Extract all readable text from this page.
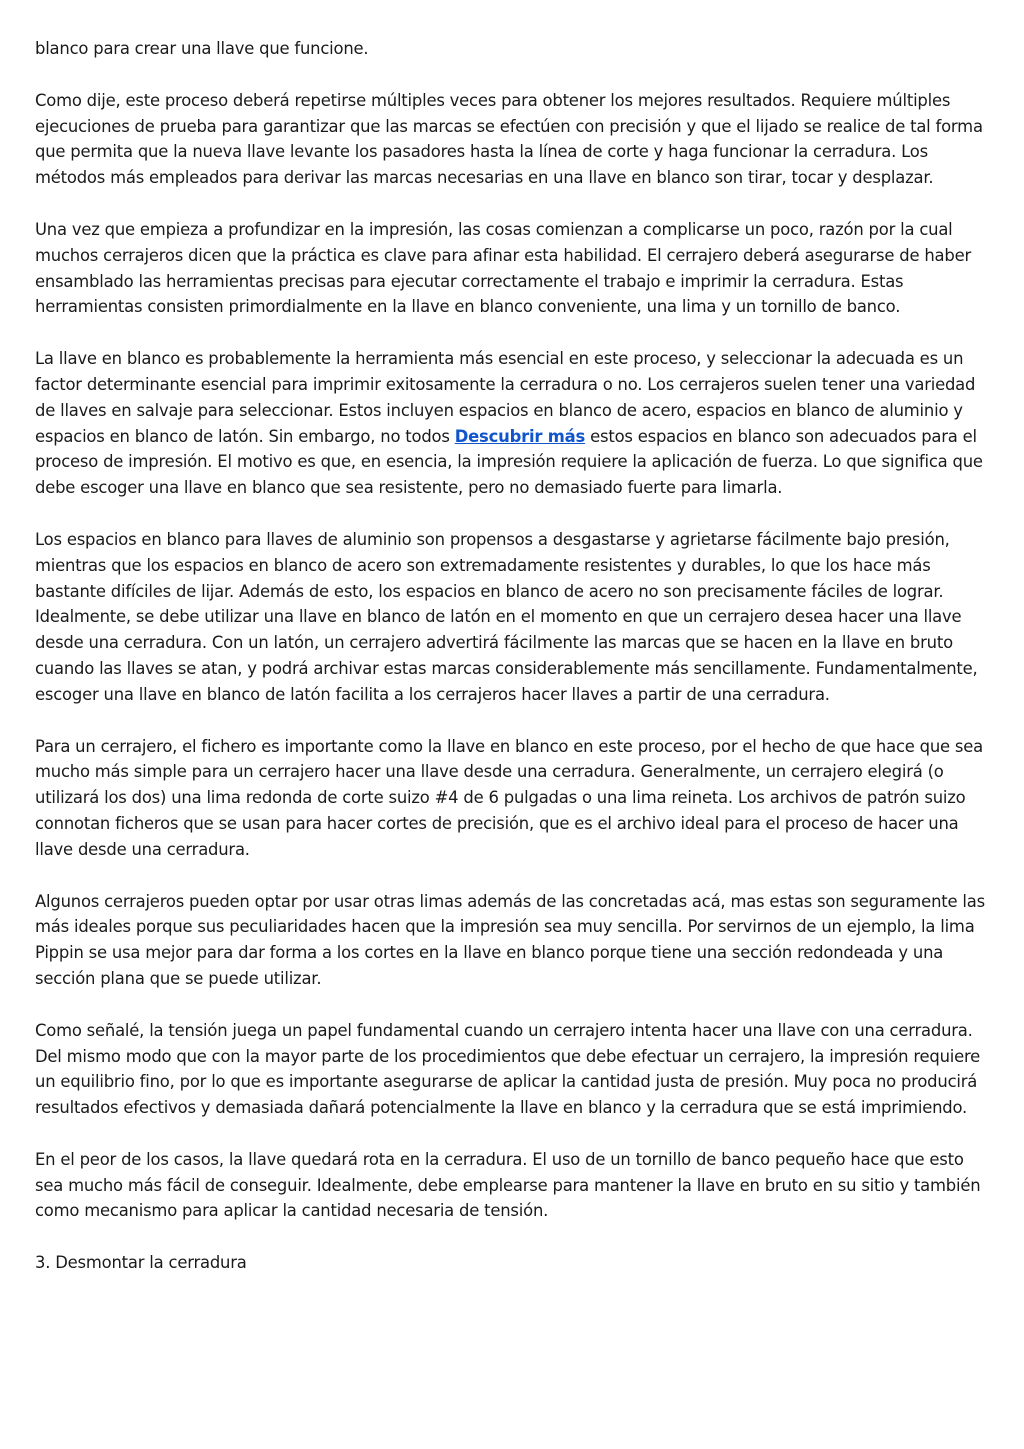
blanco para crear una llave que funcione.

Como dije, este proceso deberá repetirse múltiples veces para obtener los mejores resultados. Requiere múltiples ejecuciones de prueba para garantizar que las marcas se efectúen con precisión y que el lijado se realice de tal forma que permita que la nueva llave levante los pasadores hasta la línea de corte y haga funcionar la cerradura. Los métodos más empleados para derivar las marcas necesarias en una llave en blanco son tirar, tocar y desplazar.

Una vez que empieza a profundizar en la impresión, las cosas comienzan a complicarse un poco, razón por la cual muchos cerrajeros dicen que la práctica es clave para afinar esta habilidad. El cerrajero deberá asegurarse de haber ensamblado las herramientas precisas para ejecutar correctamente el trabajo e imprimir la cerradura. Estas herramientas consisten primordialmente en la llave en blanco conveniente, una lima y un tornillo de banco.

La llave en blanco es probablemente la herramienta más esencial en este proceso, y seleccionar la adecuada es un factor determinante esencial para imprimir exitosamente la cerradura o no. Los cerrajeros suelen tener una variedad de llaves en salvaje para seleccionar. Estos incluyen espacios en blanco de acero, espacios en blanco de aluminio y espacios en blanco de latón. Sin embargo, no todos Descubrir más estos espacios en blanco son adecuados para el proceso de impresión. El motivo es que, en esencia, la impresión requiere la aplicación de fuerza. Lo que significa que debe escoger una llave en blanco que sea resistente, pero no demasiado fuerte para limarla.

Los espacios en blanco para llaves de aluminio son propensos a desgastarse y agrietarse fácilmente bajo presión, mientras que los espacios en blanco de acero son extremadamente resistentes y durables, lo que los hace más bastante difíciles de lijar. Además de esto, los espacios en blanco de acero no son precisamente fáciles de lograr. Idealmente, se debe utilizar una llave en blanco de latón en el momento en que un cerrajero desea hacer una llave desde una cerradura. Con un latón, un cerrajero advertirá fácilmente las marcas que se hacen en la llave en bruto cuando las llaves se atan, y podrá archivar estas marcas considerablemente más sencillamente. Fundamentalmente, escoger una llave en blanco de latón facilita a los cerrajeros hacer llaves a partir de una cerradura.

Para un cerrajero, el fichero es importante como la llave en blanco en este proceso, por el hecho de que hace que sea mucho más simple para un cerrajero hacer una llave desde una cerradura. Generalmente, un cerrajero elegirá (o utilizará los dos) una lima redonda de corte suizo #4 de 6 pulgadas o una lima reineta. Los archivos de patrón suizo connotan ficheros que se usan para hacer cortes de precisión, que es el archivo ideal para el proceso de hacer una llave desde una cerradura.

Algunos cerrajeros pueden optar por usar otras limas además de las concretadas acá, mas estas son seguramente las más ideales porque sus peculiaridades hacen que la impresión sea muy sencilla. Por servirnos de un ejemplo, la lima Pippin se usa mejor para dar forma a los cortes en la llave en blanco porque tiene una sección redondeada y una sección plana que se puede utilizar.

Como señalé, la tensión juega un papel fundamental cuando un cerrajero intenta hacer una llave con una cerradura. Del mismo modo que con la mayor parte de los procedimientos que debe efectuar un cerrajero, la impresión requiere un equilibrio fino, por lo que es importante asegurarse de aplicar la cantidad justa de presión. Muy poca no producirá resultados efectivos y demasiada dañará potencialmente la llave en blanco y la cerradura que se está imprimiendo.

En el peor de los casos, la llave quedará rota en la cerradura. El uso de un tornillo de banco pequeño hace que esto sea mucho más fácil de conseguir. Idealmente, debe emplearse para mantener la llave en bruto en su sitio y también como mecanismo para aplicar la cantidad necesaria de tensión.

3. Desmontar la cerradura
